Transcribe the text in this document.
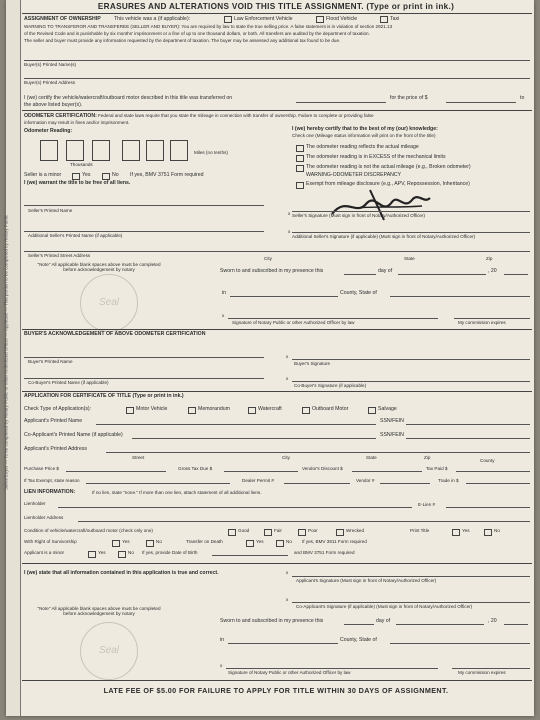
Seller/Buyer — To be completed by Notary Public or other Authorized Officer — Applicant — This portion to be completed by Notary Public
ERASURES AND ALTERATIONS VOID THIS TITLE ASSIGNMENT. (Type or print in ink.)
ASSIGNMENT OF OWNERSHIP	This vehicle was a (if applicable):	Law Enforcement Vehicle	Flood Vehicle	Taxi
WARNING TO TRANSFEROR AND TRANSFEREE (SELLER AND BUYER): You are required by law to state the true selling price. A false statement is in violation of section 2921.13
of the Revised Code and is punishable by six months' imprisonment or a fine of up to one thousand dollars, or both. All transfers are audited by the department of taxation.
The seller and buyer must provide any information requested by the department of taxation. The buyer may be assessed any additional tax found to be due.
Buyer(s) Printed Name(s)
Buyer(s) Printed Address
I (we) certify the vehicle/watercraft/outboard motor described in this title was transferred on	for the price of $	to
the above listed buyer(s).
ODOMETER CERTIFICATION: Federal and state laws require that you state the mileage in connection with transfer of ownership. Failure to complete or providing false
information may result in fines and/or imprisonment.
Odometer Reading:
Miles (no tenths)
Thousands
I (we) hereby certify that to the best of my (our) knowledge:
Check one (Mileage status information will print on the front of the title)
The odometer reading reflects the actual mileage
The odometer reading is in EXCESS of the mechanical limits
The odometer reading is not the actual mileage (e.g., Broken odometer)
WARNING-ODOMETER DISCREPANCY
Exempt from mileage disclosure (e.g., APV, Repossession, Inheritance)
Seller is a minor	Yes	No If yes, BMV 3751 Form required
I (we) warrant the title to be free of all liens.
Seller's Printed Name
x Seller's Signature (Must sign in front of Notary/Authorized Officer)
Additional Seller's Printed Name (if applicable)
x
Additional Seller's Signature (if applicable) (Must sign in front of Notary/Authorized Officer)
Seller's Printed Street Address
City	State	Zip
"Note" All applicable blank spaces above must be completed before acknowledgement by notary	Sworn to and subscribed in my presence this	day of	, 20
Seal
in	County, State of
x
Signature of Notary Public or other Authorized Officer by law	My commission expires
BUYER'S ACKNOWLEDGEMENT OF ABOVE ODOMETER CERTIFICATION
Buyer's Printed Name
x
Buyer's Signature
Co-Buyer's Printed Name (if applicable)
x
Co-Buyer's Signature (if applicable)
APPLICATION FOR CERTIFICATE OF TITLE (Type or print in ink.)
Check Type of Application(s):	Motor Vehicle	Memorandum	Watercraft	Outboard Motor	Salvage
Applicant's Printed Name	SSN/FEIN
Co-Applicant's Printed Name (if applicable)	SSN/FEIN
Applicant's Printed Address
Street	City	State	Zip
County
Purchase Price $	Gross Tax Due $	Vendor's Discount $	Tax Paid $
If Tax Exempt, state reason	Dealer Permit #	Vendor #	Trade in $
LIEN INFORMATION:	If no lien, state "none." If more than one lien, attach statement of all additional liens.
Lienholder	E-Lien #
Lienholder Address
Condition of vehicle/watercraft/outboard motor (check only one)	Good	Fair	Poor	Wrecked	Print Title	Yes	No
With Right of Survivorship	Yes	No	Transfer on Death	Yes	No If yes, BMV 3811 Form required
Applicant is a minor	Yes	No If yes, provide Date of Birth	and BMV 3751 Form required
I (we) state that all information contained in this application is true and correct.	x
Applicant's Signature (Must sign in front of Notary/Authorized Officer)
x
Co-Applicant's Signature (if applicable) (Must sign in front of Notary/Authorized Officer)
"Note" All applicable blank spaces above must be completed before acknowledgement by notary
Sworn to and subscribed in my presence this	day of	, 20
Seal
in	County, State of
x
Signature of Notary Public or other Authorized Officer by law	My commission expires
LATE FEE OF $5.00 FOR FAILURE TO APPLY FOR TITLE WITHIN 30 DAYS OF ASSIGNMENT.
